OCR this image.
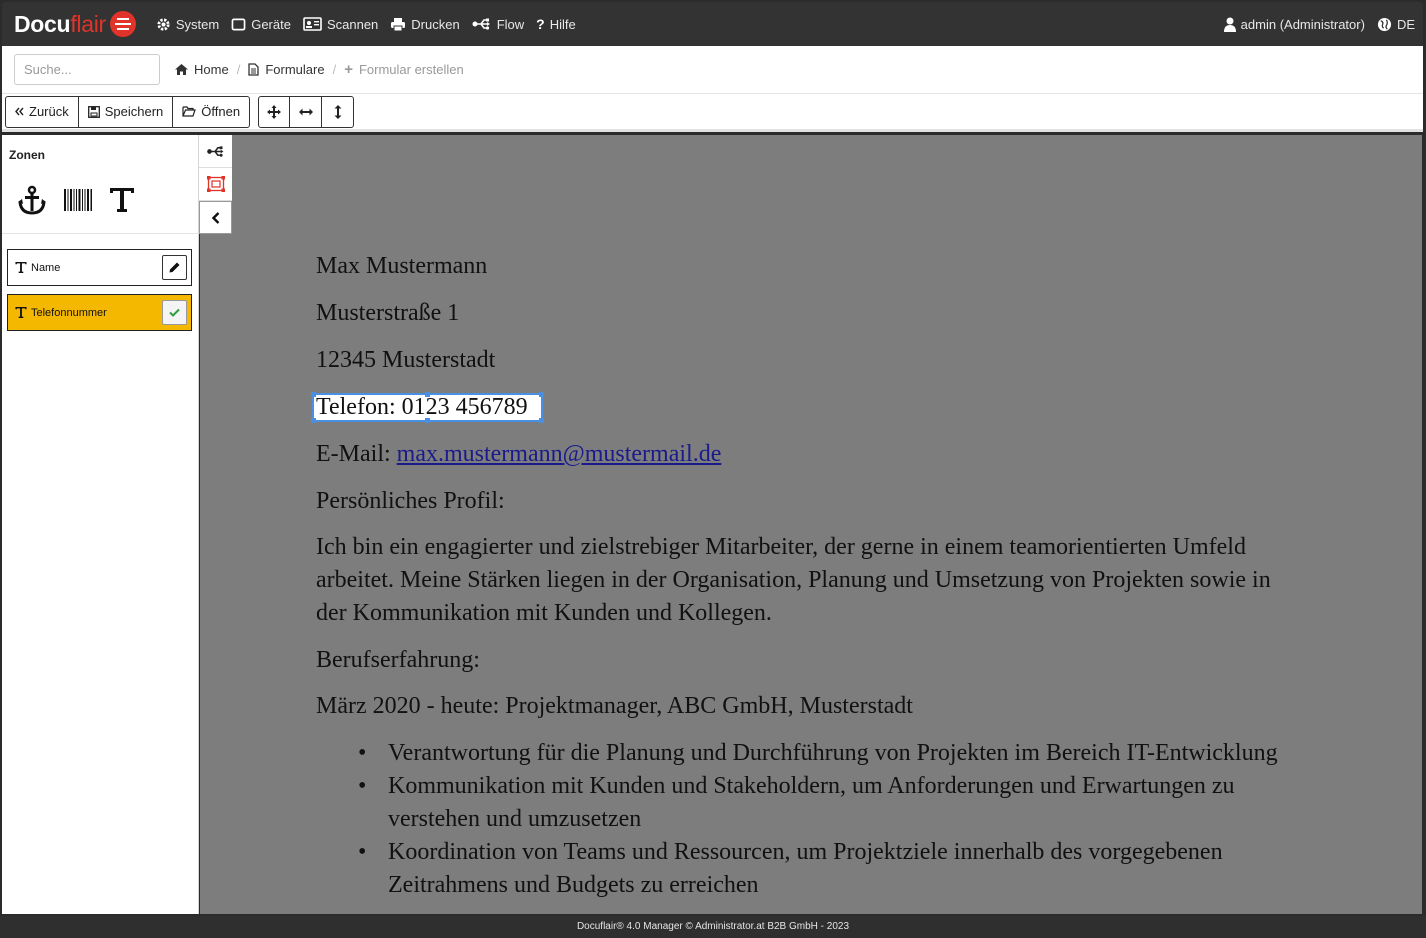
Docuflair	System Geräte	Scannen	Drucken	Flow ? Hilfe	admin (Administrator) DE
Suche...
Home / Formulare / + Formular erstellen
Zurück	Speichern	Öffnen
Zonen
Name
Telefonnummer

Max Mustermann

Musterstraße 1

12345 Musterstadt

Telefon: 0123 456789

E-Mail: max.mustermann@mustermail.de

Persönliches Profil:

Ich bin ein engagierter und zielstrebiger Mitarbeiter, der gerne in einem teamorientierten Umfeld arbeitet. Meine Stärken liegen in der Organisation, Planung und Umsetzung von Projekten sowie in der Kommunikation mit Kunden und Kollegen.

Berufserfahrung:

März 2020 - heute: Projektmanager, ABC GmbH, Musterstadt

• Verantwortung für die Planung und Durchführung von Projekten im Bereich IT-Entwicklung
• Kommunikation mit Kunden und Stakeholdern, um Anforderungen und Erwartungen zu verstehen und umzusetzen
• Koordination von Teams und Ressourcen, um Projektziele innerhalb des vorgegebenen Zeitrahmens und Budgets zu erreichen
Docuflair® 4.0 Manager © Administrator.at B2B GmbH - 2023
